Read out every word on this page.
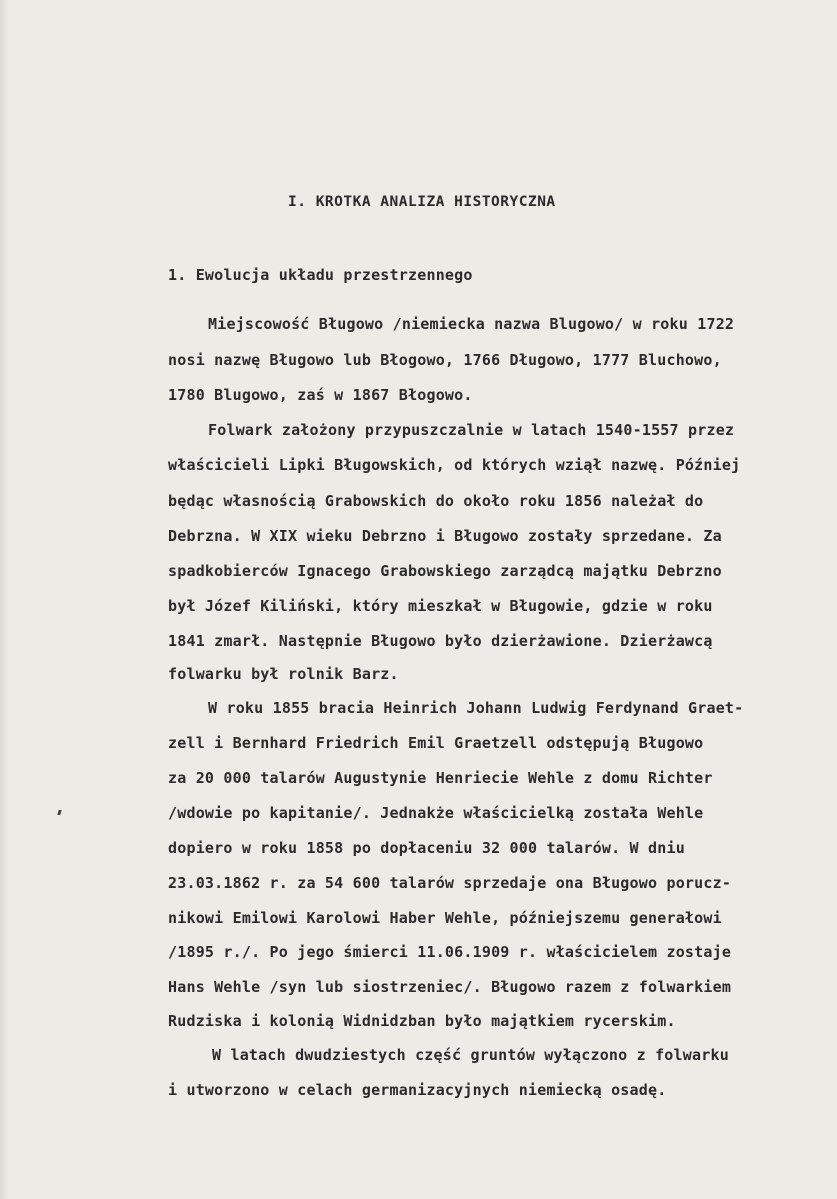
I. KROTKA ANALIZA HISTORYCZNA
1. Ewolucja układu przestrzennego
Miejscowość Bługowo /niemiecka nazwa Blugowo/ w roku 1722
nosi nazwę Bługowo lub Błogowo, 1766 Długowo, 1777 Bluchowo,
1780 Blugowo, zaś w 1867 Błogowo.
Folwark założony przypuszczalnie w latach 1540-1557 przez
właścicieli Lipki Bługowskich, od których wziął nazwę. Później
będąc własnością Grabowskich do około roku 1856 należał do
Debrzna. W XIX wieku Debrzno i Bługowo zostały sprzedane. Za
spadkobierców Ignacego Grabowskiego zarządcą majątku Debrzno
był Józef Kiliński, który mieszkał w Bługowie, gdzie w roku
1841 zmarł. Następnie Bługowo było dzierżawione. Dzierżawcą
folwarku był rolnik Barz.
W roku 1855 bracia Heinrich Johann Ludwig Ferdynand Graet-
zell i Bernhard Friedrich Emil Graetzell odstępują Bługowo
za 20 000 talarów Augustynie Henriecie Wehle z domu Richter
/wdowie po kapitanie/. Jednakże właścicielką została Wehle
dopiero w roku 1858 po dopłaceniu 32 000 talarów. W dniu
23.03.1862 r. za 54 600 talarów sprzedaje ona Bługowo porucz-
nikowi Emilowi Karolowi Haber Wehle, późniejszemu generałowi
/1895 r./. Po jego śmierci 11.06.1909 r. właścicielem zostaje
Hans Wehle /syn lub siostrzeniec/. Bługowo razem z folwarkiem
Rudziska i kolonią Widnidzban było majątkiem rycerskim.
W latach dwudziestych część gruntów wyłączono z folwarku
i utworzono w celach germanizacyjnych niemiecką osadę.
